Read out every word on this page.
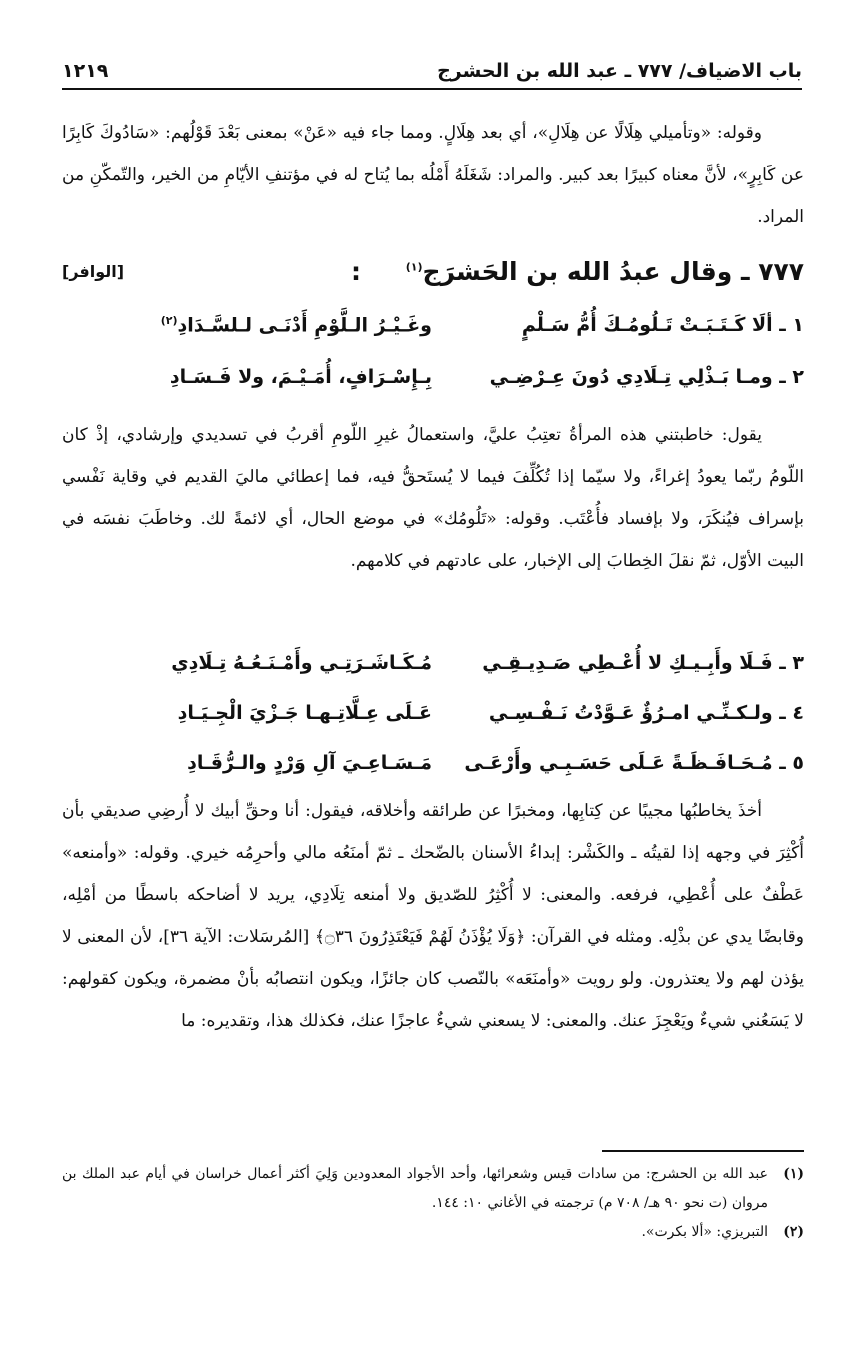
باب الاضياف/ ٧٧٧ ـ عبد الله بن الحشرج
١٢١٩

وقوله: «وتأميلي هِلَالًا عن هِلَالِ»، أي بعد هِلَالٍ. ومما جاء فيه «عَنْ» بمعنى بَعْدَ قَوْلُهم: «سَادُوكَ كَابِرًا عن كَابِرٍ»، لأنَّ معناه كبيرًا بعد كبير. والمراد: شَغَلَهُ أَمْلُه بما يُتاح له في مؤتنفِ الأيّامِ من الخير، والتّمكّنِ من المراد.

٧٧٧ ـ وقال عبدُ الله بن الحَشرَج$^{(١)}$ :
[الوافر]
١ ـ ألَا كَـتَـبَـتْ تَـلُومُـكَ أُمُّ سَـلْمٍ
وغَـيْـرُ الـلَّوْمِ أَدْنَـى لـلسَّـدَادِ$^{(٢)}$
٢ ـ ومـا بَـذْلِي تِـلَادِي دُونَ عِـرْضِـي
بِـإِسْـرَافٍ، أُمَـيْـمَ، ولا فَـسَـادِ

يقول: خاطبتني هذه المرأةُ تعتِبُ عليَّ، واستعمالُ غيرِ اللّومِ أقربُ في تسديدي وإرشادي، إذْ كان اللّومُ ربّما يعودُ إغراءً، ولا سيّما إذا تُكُلِّفَ فيما لا يُستَحقُّ فيه، فما إعطائي ماليَ القديم في وقاية نَفْسي بإسراف فيُنكَرَ، ولا بإفساد فأُعْتَب. وقوله: «تَلُومُك» في موضع الحال، أي لائمةً لك. وخاطَبَ نفسَه في البيت الأوّل، ثمّ نقلَ الخِطابَ إلى الإخبار، على عادتهم في كلامهم.

٣ ـ فَـلَا وأَبِـيـكِ لا أُعْـطِي صَـدِيـقِـي
مُـكَـاشَـرَتِـي وأَمْـنَـعُـهُ تِـلَادِي
٤ ـ ولـكـنِّـي امـرُؤٌ عَـوَّدْتُ نَـفْـسِـي
عَـلَى عِـلَّاتِـهـا جَـزْيَ الْجِـيَـادِ
٥ ـ مُـحَـافَـظَـةً عَـلَى حَسَـبِـي وأَرْعَـى
مَـسَـاعِـيَ آلِ وَرْدٍ والـرُّقَـادِ

أخذَ يخاطبُها مجيبًا عن كِتابِها، ومخبرًا عن طرائقه وأخلاقه، فيقول: أنا وحقِّ أبيك لا أُرضِي صديقي بأن أُكْثِرَ في وجهه إذا لقيتُه ـ والكَشْر: إبداءُ الأسنان بالضّحك ـ ثمّ أمنَعُه مالي وأحرِمُه خيري. وقوله: «وأمنعه» عَطْفٌ على أُعْطِي، فرفعه. والمعنى: لا أُكْثِرُ للصّديق ولا أمنعه تِلَادِي، يريد لا أضاحكه باسطًا من أمْلِه، وقابضًا يدي عن بذْلِه. ومثله في القرآن: ﴿وَلَا يُؤْذَنُ لَهُمْ فَيَعْتَذِرُونَ ۝٣٦﴾ [المُرسَلات: الآية ٣٦]، لأن المعنى لا يؤذن لهم ولا يعتذرون. ولو رويت «وأمنَعَه» بالنّصب كان جائزًا، ويكون انتصابُه بأنْ مضمرة، ويكون كقولهم: لا يَسَعُني شيءٌ ويَعْجِزَ عنك. والمعنى: لا يسعني شيءٌ عاجزًا عنك، فكذلك هذا، وتقديره: ما

(١)
عبد الله بن الحشرج: من سادات قيس وشعرائها، وأحد الأجواد المعدودين وَلِيَ أكثر أعمال خراسان في أيام عبد الملك بن مروان (ت نحو ٩٠ هـ/ ٧٠٨ م) ترجمته في الأغاني ١٠: ١٤٤.
(٢)
التبريزي: «ألا بكرت».
